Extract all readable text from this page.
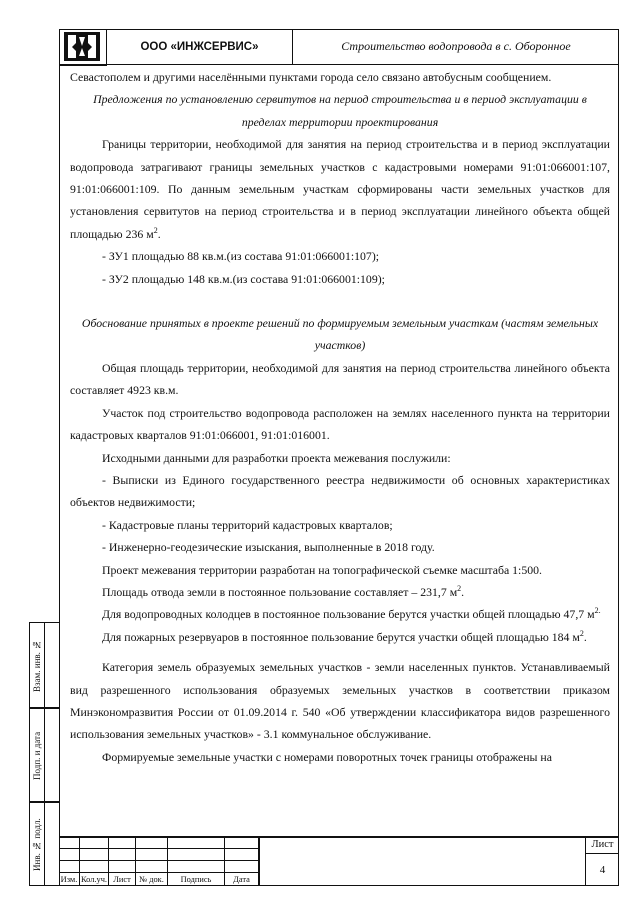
ООО «ИНЖСЕРВИС»	Строительство водопровода в с. Оборонное

Севастополем и другими населёнными пунктами города село связано автобусным сообщением.

Предложения по установлению сервитутов на период строительства и в период эксплуатации в пределах территории проектирования

Границы территории, необходимой для занятия на период строительства и в период эксплуатации водопровода затрагивают границы земельных участков с кадастровыми номерами 91:01:066001:107, 91:01:066001:109. По данным земельным участкам сформированы части земельных участков для установления сервитутов на период строительства и в период эксплуатации линейного объекта общей площадью 236 $м^2$.

- ЗУ1 площадью 88 кв.м.(из состава 91:01:066001:107);

- ЗУ2 площадью 148 кв.м.(из состава 91:01:066001:109);

Обоснование принятых в проекте решений по формируемым земельным участкам (частям земельных участков)

Общая площадь территории, необходимой для занятия на период строительства линейного объекта составляет 4923 кв.м.

Участок под строительство водопровода расположен на землях населенного пункта на территории кадастровых кварталов 91:01:066001, 91:01:016001.

Исходными данными для разработки проекта межевания послужили:

- Выписки из Единого государственного реестра недвижимости об основных характеристиках объектов недвижимости;

- Кадастровые планы территорий кадастровых кварталов;

- Инженерно-геодезические изыскания, выполненные в 2018 году.

Проект межевания территории разработан на топографической съемке масштаба 1:500.

Площадь отвода земли в постоянное пользование составляет – 231,7 $м^2$.

Для водопроводных колодцев в постоянное пользование берутся участки общей площадью 47,7 $м^{2.}$

Для пожарных резервуаров в постоянное пользование берутся участки общей площадью 184 $м^2$.

Категория земель образуемых земельных участков - земли населенных пунктов. Устанавливаемый вид разрешенного использования образуемых земельных участков в соответствии приказом Минэкономразвития России от 01.09.2014 г. 540 «Об утверждении классификатора видов разрешенного использования земельных участков» - 3.1 коммунальное обслуживание.

Формируемые земельные участки с номерами поворотных точек границы отображены на

Взам. инв. №
Подп. и дата
Инв. № подл.
Изм. Кол.уч. Лист № док.	Подпись	Дата
Лист
4
